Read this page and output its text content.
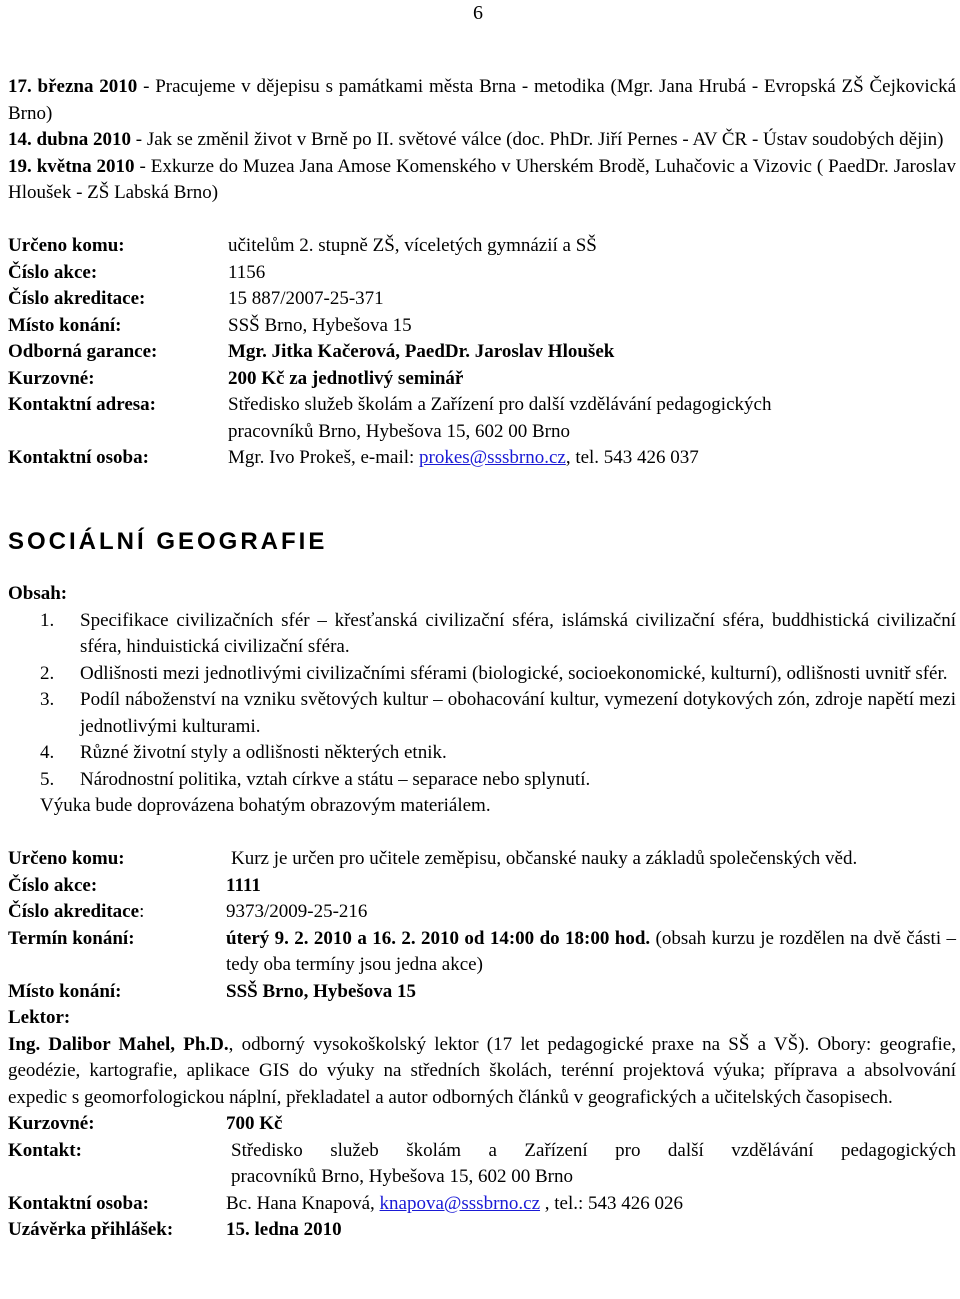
6
17. března 2010 - Pracujeme v dějepisu s památkami města Brna - metodika (Mgr. Jana Hrubá - Evropská ZŠ Čejkovická Brno)
14. dubna 2010 - Jak se změnil život v Brně po II. světové válce (doc. PhDr. Jiří Pernes - AV ČR - Ústav soudobých dějin)
19. května 2010 - Exkurze do Muzea Jana Amose Komenského v Uherském Brodě, Luhačovic a Vizovic ( PaedDr. Jaroslav Hloušek - ZŠ Labská Brno)
Určeno komu:	učitelům 2. stupně ZŠ, víceletých gymnázií a SŠ
Číslo akce:	1156
Číslo akreditace:	15 887/2007-25-371
Místo konání:	SSŠ Brno, Hybešova 15
Odborná garance:	Mgr. Jitka Kačerová, PaedDr. Jaroslav Hloušek
Kurzovné:	200 Kč za jednotlivý seminář
Kontaktní adresa:	Středisko služeb školám a Zařízení pro další vzdělávání pedagogických
pracovníků Brno, Hybešova 15, 602 00 Brno
Kontaktní osoba:	Mgr. Ivo Prokeš, e-mail: prokes@sssbrno.cz, tel. 543 426 037
SOCIÁLNÍ GEOGRAFIE
Obsah:
1. Specifikace civilizačních sfér – křesťanská civilizační sféra, islámská civilizační sféra, buddhistická civilizační sféra, hinduistická civilizační sféra.
2. Odlišnosti mezi jednotlivými civilizačními sférami (biologické, socioekonomické, kulturní), odlišnosti uvnitř sfér.
3. Podíl náboženství na vzniku světových kultur – obohacování kultur, vymezení dotykových zón, zdroje napětí mezi jednotlivými kulturami.
4. Různé životní styly a odlišnosti některých etnik.
5. Národnostní politika, vztah církve a státu – separace nebo splynutí.
Výuka bude doprovázena bohatým obrazovým materiálem.
Určeno komu:	Kurz je určen pro učitele zeměpisu, občanské nauky a základů společenských věd.
Číslo akce:	1111
Číslo akreditace:	9373/2009-25-216
Termín konání:	úterý 9. 2. 2010 a 16. 2. 2010 od 14:00 do 18:00 hod. (obsah kurzu je rozdělen na dvě části – tedy oba termíny jsou jedna akce)
Místo konání:	SSŠ Brno, Hybešova 15
Lektor:
Ing. Dalibor Mahel, Ph.D., odborný vysokoškolský lektor (17 let pedagogické praxe na SŠ a VŠ). Obory: geografie, geodézie, kartografie, aplikace GIS do výuky na středních školách, terénní projektová výuka; příprava a absolvování expedic s geomorfologickou náplní, překladatel a autor odborných článků v geografických a učitelských časopisech.
Kurzovné:	700 Kč
Kontakt:	Středisko služeb školám a Zařízení pro další vzdělávání pedagogických
pracovníků Brno, Hybešova 15, 602 00 Brno
Kontaktní osoba:	Bc. Hana Knapová, knapova@sssbrno.cz , tel.: 543 426 026
Uzávěrka přihlášek:	15. ledna 2010
